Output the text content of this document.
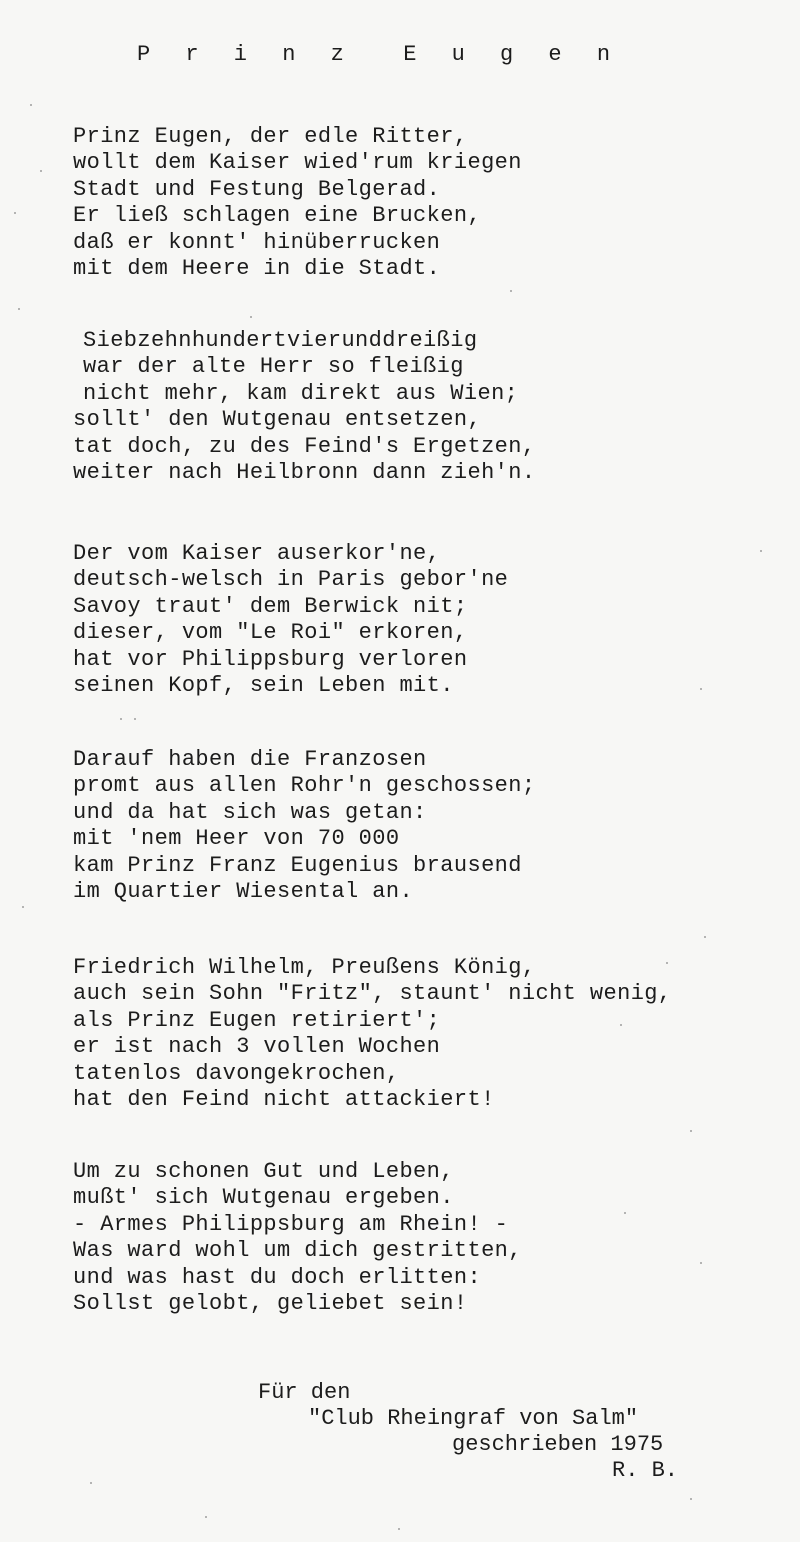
P r i n z  E u g e n
Prinz Eugen, der edle Ritter,
wollt dem Kaiser wied'rum kriegen
Stadt und Festung Belgerad.
Er ließ schlagen eine Brucken,
daß er konnt' hinüberrucken
mit dem Heere in die Stadt.
Siebzehnhundertvierunddreißig
war der alte Herr so fleißig
nicht mehr, kam direkt aus Wien;
sollt' den Wutgenau entsetzen,
tat doch, zu des Feind's Ergetzen,
weiter nach Heilbronn dann zieh'n.
Der vom Kaiser auserkor'ne,
deutsch-welsch in Paris gebor'ne
Savoy traut' dem Berwick nit;
dieser, vom "Le Roi" erkoren,
hat vor Philippsburg verloren
seinen Kopf, sein Leben mit.
Darauf haben die Franzosen
promt aus allen Rohr'n geschossen;
und da hat sich was getan:
mit 'nem Heer von 70 000
kam Prinz Franz Eugenius brausend
im Quartier Wiesental an.
Friedrich Wilhelm, Preußens König,
auch sein Sohn "Fritz", staunt' nicht wenig,
als Prinz Eugen retiriert';
er ist nach 3 vollen Wochen
tatenlos davongekrochen,
hat den Feind nicht attackiert!
Um zu schonen Gut und Leben,
mußt' sich Wutgenau ergeben.
- Armes Philippsburg am Rhein! -
Was ward wohl um dich gestritten,
und was hast du doch erlitten:
Sollst gelobt, geliebet sein!
Für den
"Club Rheingraf von Salm"
geschrieben 1975
R. B.
